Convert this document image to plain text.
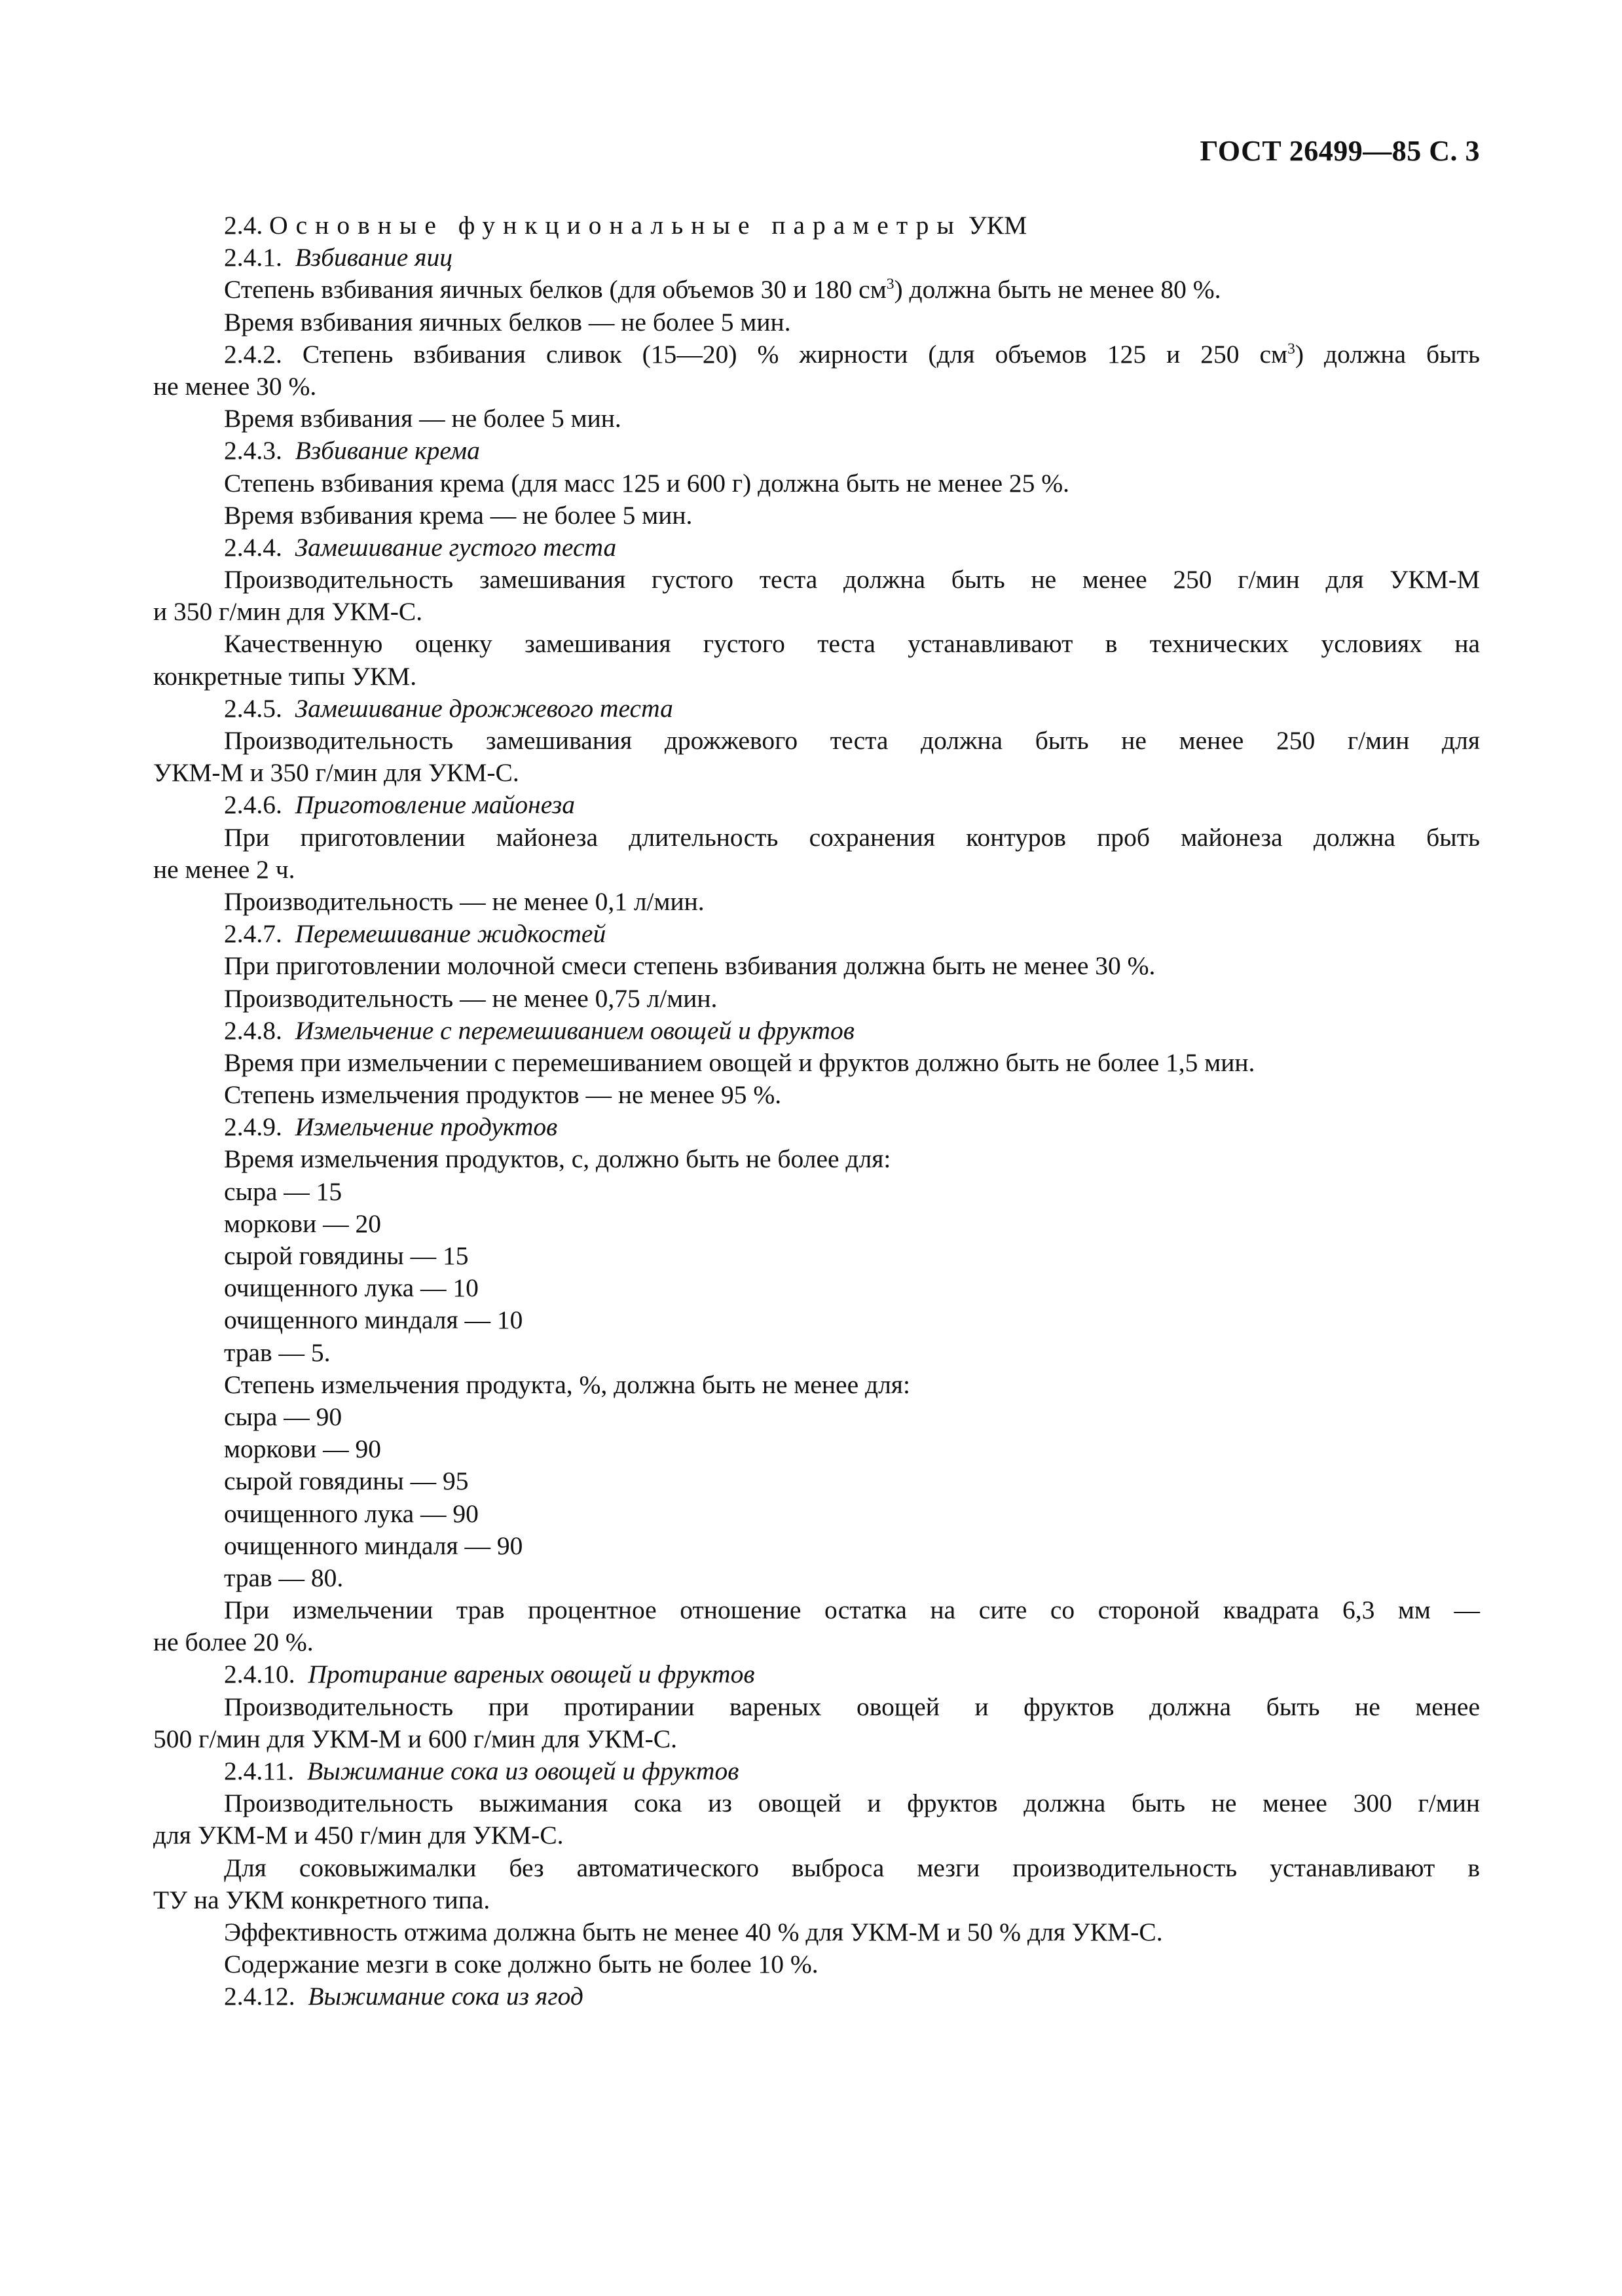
ГОСТ 26499—85 С. 3
2.4. Основные функциональные параметры УКМ
2.4.1. Взбивание яиц
Степень взбивания яичных белков (для объемов 30 и 180 $см^3$) должна быть не менее 80 %.
Время взбивания яичных белков — не более 5 мин.
2.4.2. Степень взбивания сливок (15—20) % жирности (для объемов 125 и 250 $см^3$) должна быть
не менее 30 %.
Время взбивания — не более 5 мин.
2.4.3. Взбивание крема
Степень взбивания крема (для масс 125 и 600 г) должна быть не менее 25 %.
Время взбивания крема — не более 5 мин.
2.4.4. Замешивание густого теста
Производительность замешивания густого теста должна быть не менее 250 г/мин для УКМ-М
и 350 г/мин для УКМ-С.
Качественную оценку замешивания густого теста устанавливают в технических условиях на
конкретные типы УКМ.
2.4.5. Замешивание дрожжевого теста
Производительность замешивания дрожжевого теста должна быть не менее 250 г/мин для
УКМ-М и 350 г/мин для УКМ-С.
2.4.6. Приготовление майонеза
При приготовлении майонеза длительность сохранения контуров проб майонеза должна быть
не менее 2 ч.
Производительность — не менее 0,1 л/мин.
2.4.7. Перемешивание жидкостей
При приготовлении молочной смеси степень взбивания должна быть не менее 30 %.
Производительность — не менее 0,75 л/мин.
2.4.8. Измельчение с перемешиванием овощей и фруктов
Время при измельчении с перемешиванием овощей и фруктов должно быть не более 1,5 мин.
Степень измельчения продуктов — не менее 95 %.
2.4.9. Измельчение продуктов
Время измельчения продуктов, с, должно быть не более для:
сыра — 15
моркови — 20
сырой говядины — 15
очищенного лука — 10
очищенного миндаля — 10
трав — 5.
Степень измельчения продукта, %, должна быть не менее для:
сыра — 90
моркови — 90
сырой говядины — 95
очищенного лука — 90
очищенного миндаля — 90
трав — 80.
При измельчении трав процентное отношение остатка на сите со стороной квадрата 6,3 мм —
не более 20 %.
2.4.10. Протирание вареных овощей и фруктов
Производительность при протирании вареных овощей и фруктов должна быть не менее
500 г/мин для УКМ-М и 600 г/мин для УКМ-С.
2.4.11. Выжимание сока из овощей и фруктов
Производительность выжимания сока из овощей и фруктов должна быть не менее 300 г/мин
для УКМ-М и 450 г/мин для УКМ-С.
Для соковыжималки без автоматического выброса мезги производительность устанавливают в
ТУ на УКМ конкретного типа.
Эффективность отжима должна быть не менее 40 % для УКМ-М и 50 % для УКМ-С.
Содержание мезги в соке должно быть не более 10 %.
2.4.12. Выжимание сока из ягод
